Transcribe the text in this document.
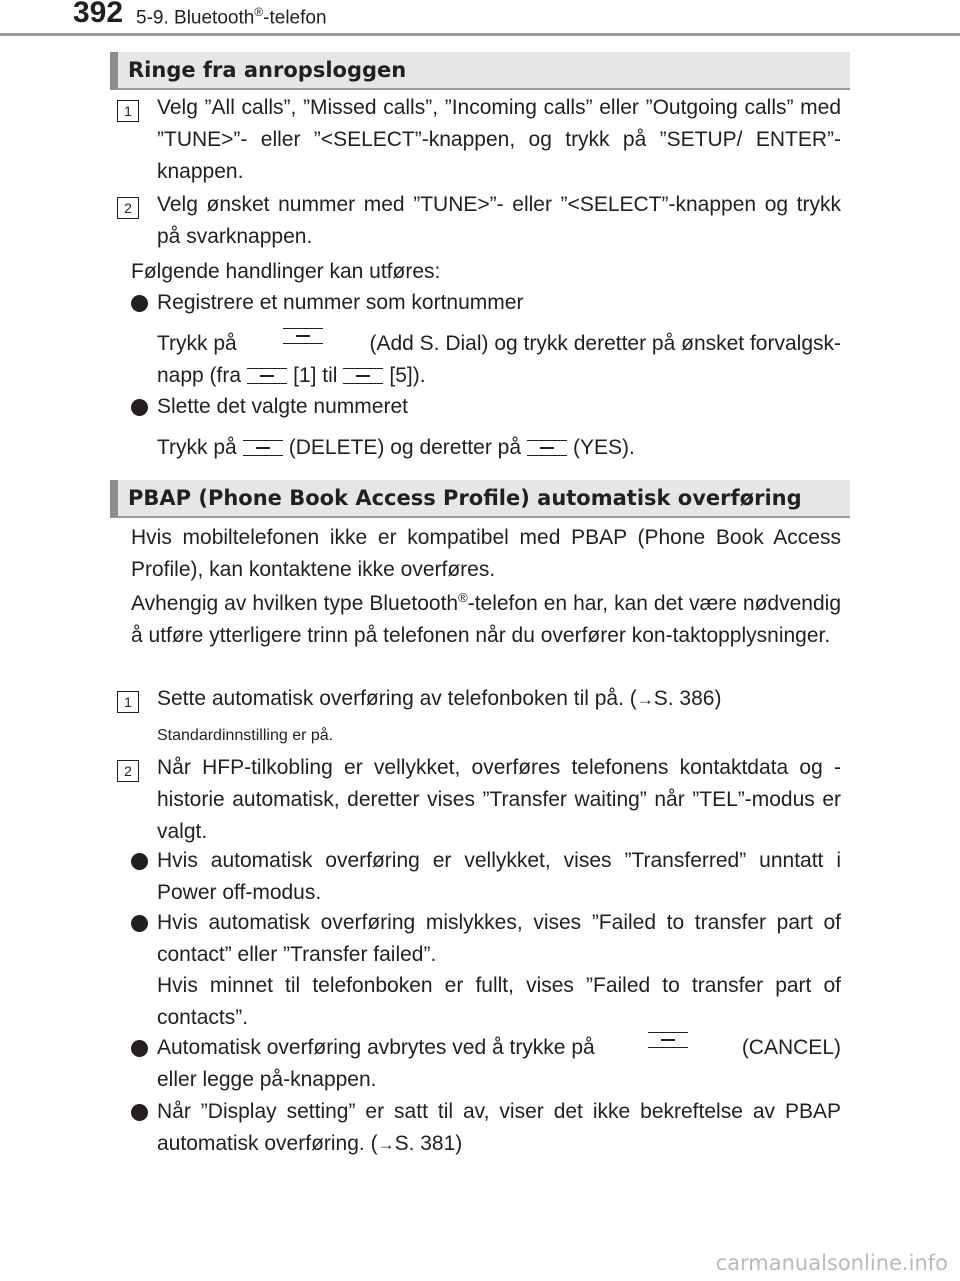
392 5-9. Bluetooth®-telefon
Ringe fra anropsloggen
1	Velg ”All calls”, ”Missed calls”, ”Incoming calls” eller ”Outgoing calls” med ”TUNE>”- eller ”<SELECT”-knappen, og trykk på ”SETUP/ ENTER”-knappen.
2	Velg ønsket nummer med ”TUNE>”- eller ”<SELECT”-knappen og trykk på svarknappen.
Følgende handlinger kan utføres:
Registrere et nummer som kortnummer
Trykk på	(Add S. Dial) og trykk deretter på ønsket forvalgsk-
napp (fra [1] til [5]).
Slette det valgte nummeret
Trykk på (DELETE) og deretter på (YES).
PBAP (Phone Book Access Profile) automatisk overføring
Hvis mobiltelefonen ikke er kompatibel med PBAP (Phone Book Access Profile), kan kontaktene ikke overføres.
Avhengig av hvilken type Bluetooth®-telefon en har, kan det være nødvendig å utføre ytterligere trinn på telefonen når du overfører kon-taktopplysninger.
1	Sette automatisk overføring av telefonboken til på. (→S. 386)
Standardinnstilling er på.
2	Når HFP-tilkobling er vellykket, overføres telefonens kontaktdata og -historie automatisk, deretter vises ”Transfer waiting” når ”TEL”-modus er valgt.
Hvis automatisk overføring er vellykket, vises ”Transferred” unntatt i Power off-modus.
Hvis automatisk overføring mislykkes, vises ”Failed to transfer part of contact” eller ”Transfer failed”.
Hvis minnet til telefonboken er fullt, vises ”Failed to transfer part of contacts”.
Automatisk overføring avbrytes ved å trykke på	(CANCEL)
eller legge på-knappen.
Når ”Display setting” er satt til av, viser det ikke bekreftelse av PBAP automatisk overføring. (→S. 381)
carmanualsonline.info
